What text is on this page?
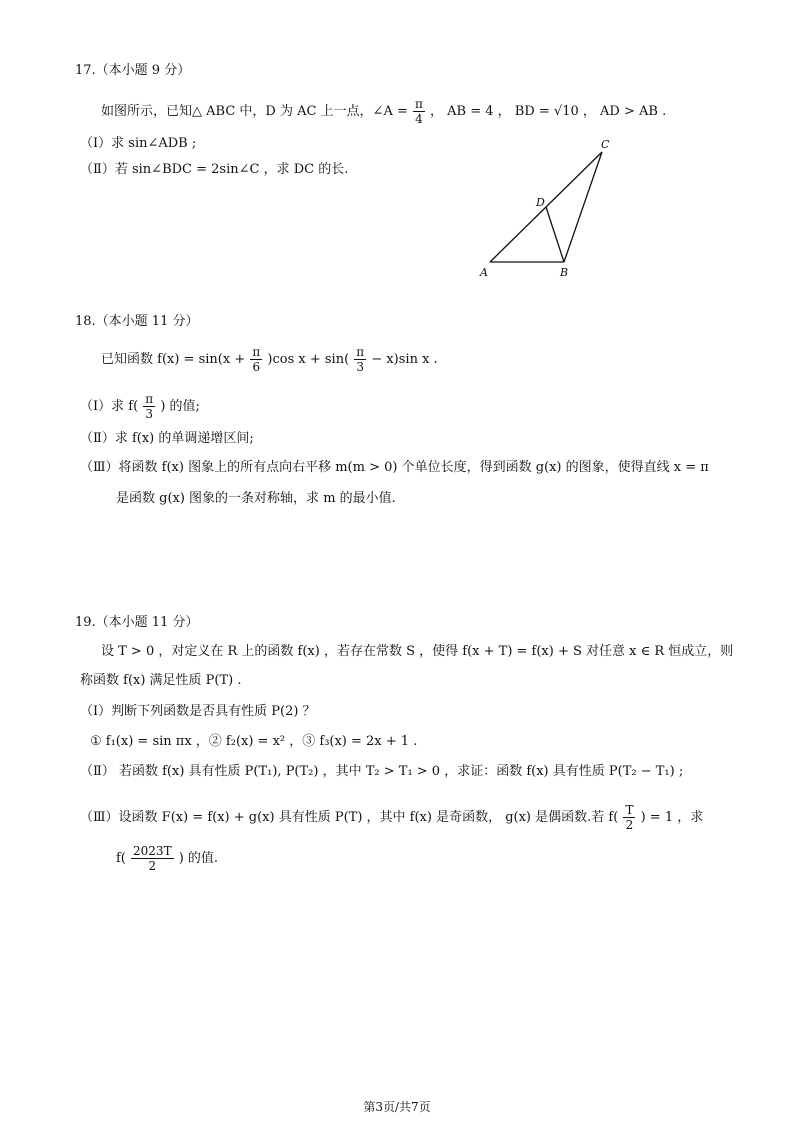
17.（本小题 9 分）
如图所示，已知△ ABC 中，D 为 AC 上一点，∠A = $\frac{\pi}{4}$ ， AB = 4 ， BD = √10 ， AD > AB .
（Ⅰ）求 sin∠ADB ;
（Ⅱ）若 sin∠BDC = 2sin∠C ，求 DC 的长.
A	B
C
D
18.（本小题 11 分）
已知函数 $f(x) = \sin(x + \frac{\pi}{6} )\cos$ $x + \sin( \frac{\pi}{3} - x)\sin$ x .
（Ⅰ）求 $f( \frac{\pi}{3}$ ) 的值;
（Ⅱ）求 f(x) 的单调递增区间;
（Ⅲ）将函数 f(x) 图象上的所有点向右平移 m(m > 0) 个单位长度，得到函数 g(x) 的图象，使得直线 x = π
是函数 g(x) 图象的一条对称轴，求 m 的最小值.
19.（本小题 11 分）
设 T > 0 ，对定义在 R 上的函数 f(x) ，若存在常数 S ，使得 f(x + T) = f(x) + S 对任意 x ∈ R 恒成立，则
称函数 f(x) 满足性质 P(T) .
（Ⅰ）判断下列函数是否具有性质 P(2) ？
① f₁(x) = sin πx ，② f₂(x) = x² ，③ f₃(x) = 2x + 1 .
（Ⅱ） 若函数 f(x) 具有性质 P(T₁), P(T₂) ，其中 T₂ > T₁ > 0 ，求证：函数 f(x) 具有性质 P(T₂ − T₁) ;
（Ⅲ）设函数 F(x) = f(x) + g(x) 具有性质 P(T) ，其中 f(x) 是奇函数， g(x) 是偶函数.若 $f( \frac{T}{2}$ ) = 1 ，求
$f( \frac{2023T}{2}$ ) 的值.
第3页/共7页
